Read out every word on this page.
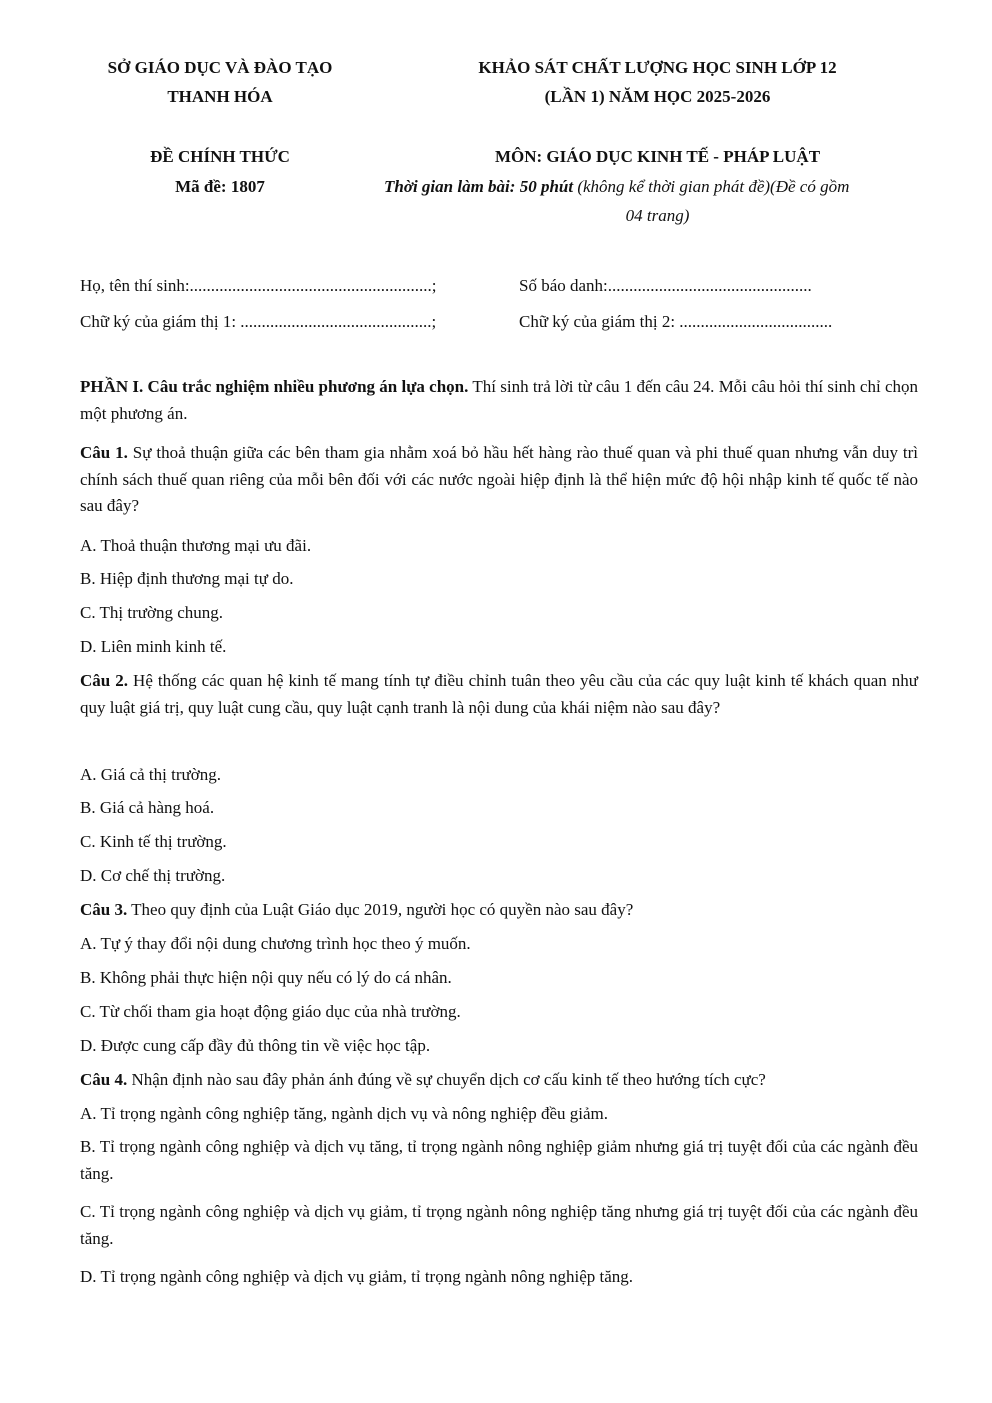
SỞ GIÁO DỤC VÀ ĐÀO TẠO
THANH HÓA
KHẢO SÁT CHẤT LƯỢNG HỌC SINH LỚP 12
(LẦN 1) NĂM HỌC 2025-2026
ĐỀ CHÍNH THỨC
Mã đề: 1807
MÔN: GIÁO DỤC KINH TẾ - PHÁP LUẬT
Thời gian làm bài: 50 phút (không kể thời gian phát đề)(Đề có gồm
04 trang)
Họ, tên thí sinh:.........................................................;	Số báo danh:................................................
Chữ ký của giám thị 1: .............................................;	Chữ ký của giám thị 2: ....................................
PHẦN I. Câu trắc nghiệm nhiều phương án lựa chọn. Thí sinh trả lời từ câu 1 đến câu 24. Mỗi câu hỏi thí sinh chỉ chọn một phương án.
Câu 1. Sự thoả thuận giữa các bên tham gia nhằm xoá bỏ hầu hết hàng rào thuế quan và phi thuế quan nhưng vẫn duy trì chính sách thuế quan riêng của mỗi bên đối với các nước ngoài hiệp định là thể hiện mức độ hội nhập kinh tế quốc tế nào sau đây?
A. Thoả thuận thương mại ưu đãi.
B. Hiệp định thương mại tự do.
C. Thị trường chung.
D. Liên minh kinh tế.
Câu 2. Hệ thống các quan hệ kinh tế mang tính tự điều chỉnh tuân theo yêu cầu của các quy luật kinh tế khách quan như quy luật giá trị, quy luật cung cầu, quy luật cạnh tranh là nội dung của khái niệm nào sau đây?
A. Giá cả thị trường.
B. Giá cả hàng hoá.
C. Kinh tế thị trường.
D. Cơ chế thị trường.
Câu 3. Theo quy định của Luật Giáo dục 2019, người học có quyền nào sau đây?
A. Tự ý thay đổi nội dung chương trình học theo ý muốn.
B. Không phải thực hiện nội quy nếu có lý do cá nhân.
C. Từ chối tham gia hoạt động giáo dục của nhà trường.
D. Được cung cấp đầy đủ thông tin về việc học tập.
Câu 4. Nhận định nào sau đây phản ánh đúng về sự chuyển dịch cơ cấu kinh tế theo hướng tích cực?
A. Tỉ trọng ngành công nghiệp tăng, ngành dịch vụ và nông nghiệp đều giảm.
B. Tỉ trọng ngành công nghiệp và dịch vụ tăng, tỉ trọng ngành nông nghiệp giảm nhưng giá trị tuyệt đối của các ngành đều tăng.
C. Tỉ trọng ngành công nghiệp và dịch vụ giảm, tỉ trọng ngành nông nghiệp tăng nhưng giá trị tuyệt đối của các ngành đều tăng.
D. Tỉ trọng ngành công nghiệp và dịch vụ giảm, tỉ trọng ngành nông nghiệp tăng.
